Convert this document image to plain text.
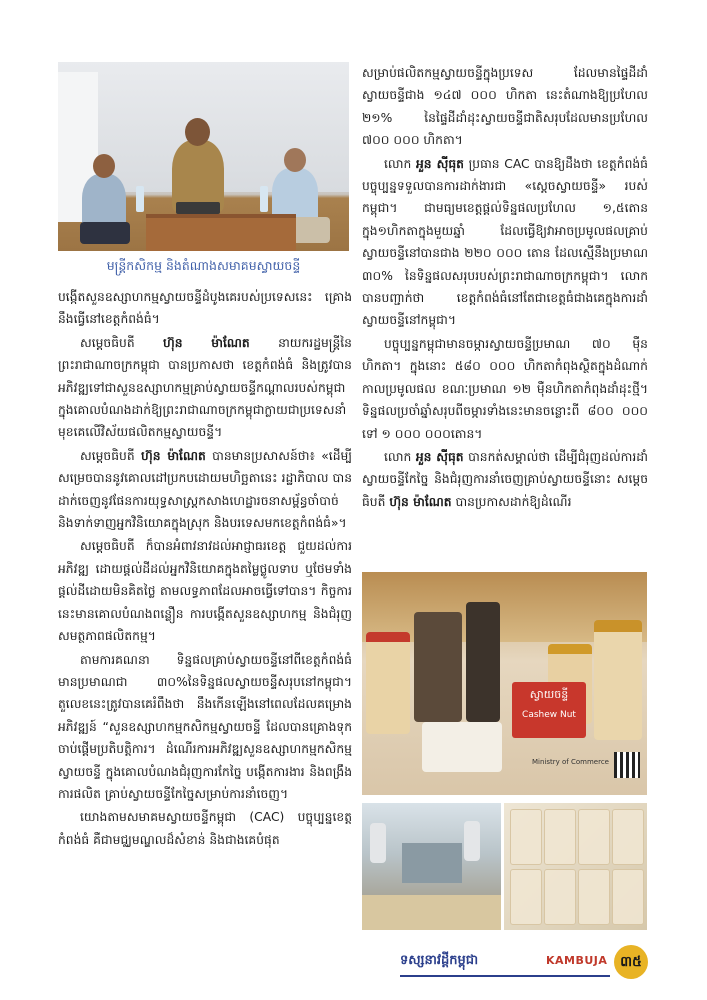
មន្ត្រីកសិកម្ម និងតំណាងសមាគមស្វាយចន្ទី

បង្កើតសួនឧស្សាហកម្មស្វាយចន្ទីដំបូងគេរបស់ប្រទេសនេះ គ្រោងនឹងធ្វើនៅខេត្តកំពង់ធំ។

សម្ដេចធិបតី ហ៊ុន ម៉ាណែត នាយករដ្ឋមន្ត្រីនៃព្រះរាជាណាចក្រកម្ពុជា បានប្រកាសថា ខេត្តកំពង់ធំ និងត្រូវបានអភិវឌ្ឍទៅជាសួនឧស្សាហកម្មគ្រាប់ស្វាយចន្ទីកណ្ដាលរបស់កម្ពុជាក្នុងគោលបំណងដាក់ឱ្យព្រះរាជាណាចក្រកម្ពុជាក្លាយជាប្រទេសនាំមុខគេលើវិស័យផលិតកម្មស្វាយចន្ទី។

សម្ដេចធិបតី ហ៊ុន ម៉ាណែត បានមានប្រសាសន៍ថា៖ «ដើម្បីសម្រេចបាននូវគោលដៅប្រកបដោយមហិច្ឆតានេះ រដ្ឋាភិបាល បានដាក់ចេញនូវផែនការយុទ្ធសាស្ត្រកសាងហេដ្ឋារចនាសម្ព័ន្ធចាំបាច់ និងទាក់ទាញអ្នកវិនិយោគក្នុងស្រុក និងបរទេសមកខេត្តកំពង់ធំ»។

សម្ដេចធិបតី ក៏បានអំពាវនាវដល់អាជ្ញាធរខេត្ត ជួយដល់ការអភិវឌ្ឍ ដោយផ្ដល់ដីដល់អ្នកវិនិយោគក្នុងតម្លៃថ្លូលទាប ឬថែមទាំងផ្ដល់ដីដោយមិនគិតថ្លៃ តាមលទ្ធភាពដែលអាចធ្វើទៅបាន។ កិច្ចការនេះមានគោលបំណងពន្លឿន ការបង្កើតសួនឧស្សាហកម្ម និងជំរុញសមត្ថភាពផលិតកម្ម។

តាមការគណនា ទិន្នផលគ្រាប់ស្វាយចន្ទីនៅពីខេត្តកំពង់ធំ មានប្រមាណជា ៣០%នៃទិន្នផលស្វាយចន្ទីសរុបនៅកម្ពុជា។ តួលេខនេះត្រូវបានគេរំពឹងថា នឹងកើនឡើងនៅពេលដែលគម្រោងអភិវឌ្ឍន៍ “សួនឧស្សាហកម្មកសិកម្មស្វាយចន្ទី ដែលបានគ្រោងទុកចាប់ផ្ដើមប្រតិបត្តិការ។ ដំណើរការអភិវឌ្ឍសួនឧស្សាហកម្មកសិកម្មស្វាយចន្ទី ក្នុងគោលបំណងជំរុញការកែច្នៃ បង្កើតការងារ និងពង្រឹងការផលិត គ្រាប់ស្វាយចន្ទីកែច្នៃសម្រាប់ការនាំចេញ។

យោងតាមសមាគមស្វាយចន្ទីកម្ពុជា (CAC) បច្ចុប្បន្នខេត្តកំពង់ធំ គឺជាមជ្ឈមណ្ឌលដ៏សំខាន់ និងជាងគេបំផុត

សម្រាប់ផលិតកម្មស្វាយចន្ទីក្នុងប្រទេស ដែលមានផ្ទៃដីដាំស្វាយចន្ទីជាង ១៤៧ ០០០ ហិកតា នេះតំណាងឱ្យប្រហែល ២១% នៃផ្ទៃដីដាំដុះស្វាយចន្ទីជាតិសរុបដែលមានប្រហែល ៧០០ ០០០ ហិកតា។

លោក អួន ស៊ីធុត ប្រធាន CAC បានឱ្យដឹងថា ខេត្តកំពង់ធំ បច្ចុប្បន្នទទួលបានការដាក់ងារជា «ស្ដេចស្វាយចន្ទី» របស់កម្ពុជា។ ជាមធ្យមខេត្តផ្ដល់ទិន្នផលប្រហែល ១,៥តោនក្នុង១ហិកតាក្នុងមួយឆ្នាំ ដែលធ្វើឱ្យវាអាចប្រមូលផលគ្រាប់ស្វាយចន្ទីនៅបានជាង ២២០ ០០០ តោន ដែលស្មើនឹងប្រមាណ ៣០% នៃទិន្នផលសរុបរបស់ព្រះរាជាណាចក្រកម្ពុជា។ លោកបានបញ្ជាក់ថា ខេត្តកំពង់ធំនៅតែជាខេត្តធំជាងគេក្នុងការដាំស្វាយចន្ទីនៅកម្ពុជា។

បច្ចុប្បន្នកម្ពុជាមានចម្ការស្វាយចន្ទីប្រមាណ ៧០ ម៉ឺនហិកតា។ ក្នុងនោះ ៥៨០ ០០០ ហិកតាកំពុងស្ថិតក្នុងដំណាក់កាលប្រមូលផល ខណៈប្រមាណ ១២ ម៉ឺនហិកតាកំពុងដាំដុះថ្មី។ ទិន្នផលប្រចាំឆ្នាំសរុបពីចម្ការទាំងនេះមានចន្លោះពី ៨០០ ០០០ ទៅ ១ ០០០ ០០០តោន។

លោក អួន ស៊ីធុត បានកត់សម្គាល់ថា ដើម្បីជំរុញដល់ការដាំស្វាយចន្ទីកែច្នៃ និងជំរុញការនាំចេញគ្រាប់ស្វាយចន្ទីនោះ សម្ដេចធិបតី ហ៊ុន ម៉ាណែត បានប្រកាសដាក់ឱ្យដំណើរ

ស្វាយចន្ទី
Cashew Nut
Ministry of Commerce
ទស្សនាវដ្ដីកម្ពុជា	KAMBUJA ៣៥
